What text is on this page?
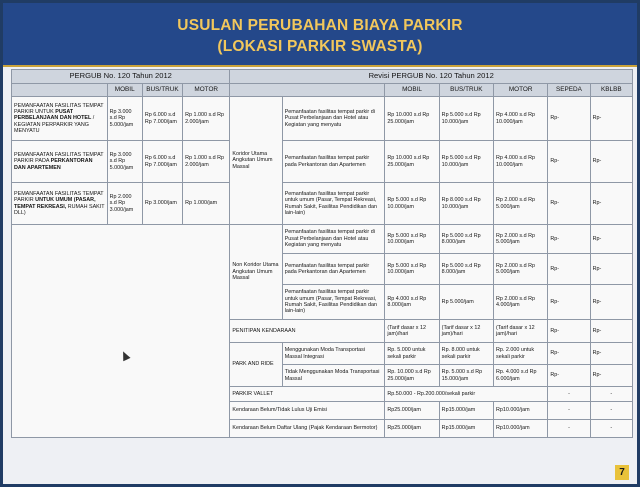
USULAN PERUBAHAN BIAYA PARKIR
(LOKASI PARKIR SWASTA)
PERGUB No. 120 Tahun 2012				Revisi PERGUB No. 120 Tahun 2012						
	MOBIL	BUS/TRUK	MOTOR			MOBIL	BUS/TRUK	MOTOR	SEPEDA	KBLBB
PEMANFAATAN FASILITAS TEMPAT PARKIR UNTUK PUSAT PERBELANJAAN DAN HOTEL / KEGIATAN PERPARKIR YANG MENYATU	Rp 3.000 s.d Rp 5.000/jam	Rp 6.000 s.d Rp 7.000/jam	Rp 1.000 s.d Rp 2.000/jam	Koridor Utama Angkutan Umum Massal	Pemanfaatan fasilitas tempat parkir di Pusat Perbelanjaan dan Hotel atau Kegiatan yang menyatu	Rp 10.000 s.d Rp 25.000/jam	Rp 5.000 s.d Rp 10.000/jam	Rp 4.000 s.d Rp 10.000/jam	Rp-	Rp-
PEMANFAATAN FASILITAS TEMPAT PARKIR PADA PERKANTORAN DAN APARTEMEN	Rp 3.000 s.d Rp 5.000/jam	Rp 6.000 s.d Rp 7.000/jam	Rp 1.000 s.d Rp 2.000/jam		Pemanfaatan fasilitas tempat parkir pada Perkantoran dan Apartemen	Rp 10.000 s.d Rp 25.000/jam	Rp 5.000 s.d Rp 10.000/jam	Rp 4.000 s.d Rp 10.000/jam	Rp-	Rp-
PEMANFAATAN FASILITAS TEMPAT PARKIR UNTUK UMUM (PASAR, TEMPAT REKREASI, RUMAH SAKIT DLL)	Rp 2.000 s.d Rp 3.000/jam	Rp 3.000/jam	Rp 1.000/jam		Pemanfaatan fasilitas tempat parkir untuk umum (Pasar, Tempat Rekreasi, Rumah Sakit, Fasilitas Pendidikan dan lain-lain)	Rp 5.000 s.d Rp 10.000/jam	Rp 8.000 s.d Rp 10.000/jam	Rp 2.000 s.d Rp 5.000/jam	Rp-	Rp-
				Non Koridor Utama Angkutan Umum Massal	Pemanfaatan fasilitas tempat parkir di Pusat Perbelanjaan dan Hotel atau Kegiatan yang menyatu	Rp 5.000 s.d Rp 10.000/jam	Rp 5.000 s.d Rp 8.000/jam	Rp 2.000 s.d Rp 5.000/jam	Rp-	Rp-
					Pemanfaatan fasilitas tempat parkir pada Perkantoran dan Apartemen	Rp 5.000 s.d Rp 10.000/jam	Rp 5.000 s.d Rp 8.000/jam	Rp 2.000 s.d Rp 5.000/jam	Rp-	Rp-
					Pemanfaatan fasilitas tempat parkir untuk umum (Pasar, Tempat Rekreasi, Rumah Sakit, Fasilitas Pendidikan dan lain-lain)	Rp 4.000 s.d Rp 8.000/jam	Rp 5.000/jam	Rp 2.000 s.d Rp 4.000/jam	Rp-	Rp-
				PENITIPAN KENDARAAN		(Tarif dasar x 12 jam)/hari	(Tarif dasar x 12 jam)/hari	(Tarif dasar x 12 jam)/hari	Rp-	Rp-
				PARK AND RIDE	Menggunakan Moda Transportasi Massal Integrasi	Rp. 5.000 untuk sekali parkir	Rp. 8.000 untuk sekali parkir	Rp. 2.000 untuk sekali parkir	Rp-	Rp-
					Tidak Menggunakan Moda Transportasi Massal	Rp. 10.000 s.d Rp 25.000/jam	Rp. 5.000 s.d Rp 15.000/jam	Rp. 4.000 s.d Rp 6.000/jam	Rp-	Rp-
				PARKIR VALLET		Rp.50.000 - Rp.200.000/sekali parkir			-	-
				Kendaraan Belum/Tidak Lulus Uji Emisi		Rp25.000/jam	Rp15.000/jam	Rp10.000/jam	-	-
				Kendaraan Belum Daftar Ulang (Pajak Kendaraan Bermotor)		Rp25.000/jam	Rp15.000/jam	Rp10.000/jam	-	-
7
